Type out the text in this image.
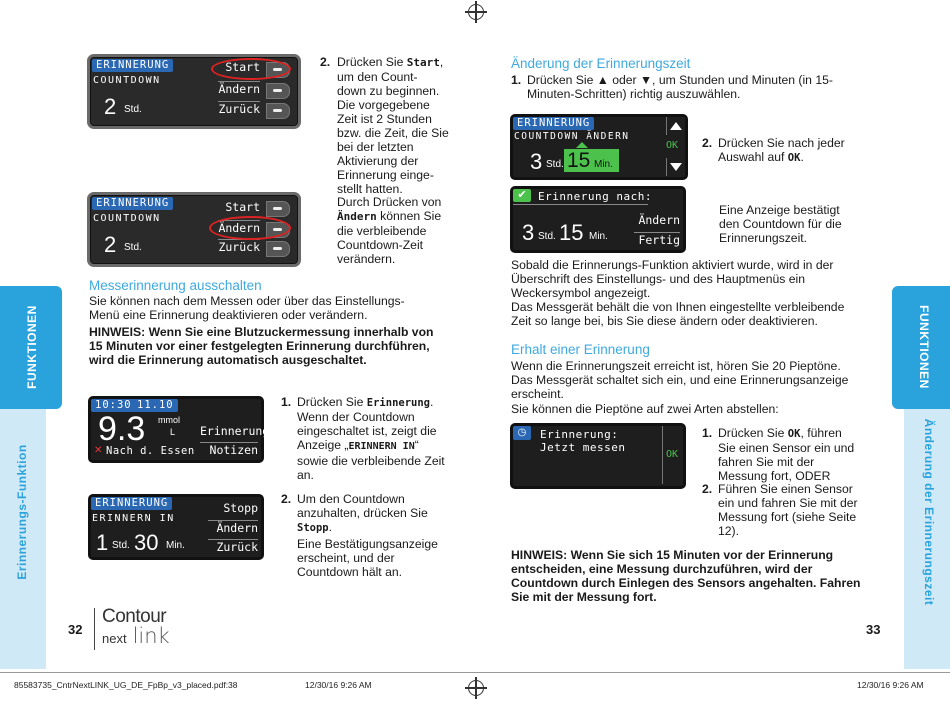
FUNKTIONEN
Erinnerungs-Funktion
FUNKTIONEN
Änderung der Erinnerungszeit
ERINNERUNG
COUNTDOWN
2 Std.
Start
Ändern
Zurück
2. Drücken Sie Start, um den Count- down zu beginnen. Die vorgegebene Zeit ist 2 Stunden bzw. die Zeit, die Sie bei der letzten Aktivierung der Erinnerung einge- stellt hatten.
ERINNERUNG
COUNTDOWN
2 Std.
Start
Ändern
Zurück
Durch Drücken von Ändern können Sie die verbleibende Countdown-Zeit verändern.
Messerinnerung ausschalten
Sie können nach dem Messen oder über das Einstellungs- Menü eine Erinnerung deaktivieren oder verändern.
HINWEIS: Wenn Sie eine Blutzuckermessung innerhalb von 15 Minuten vor einer festgelegten Erinnerung durchführen, wird die Erinnerung automatisch ausgeschaltet.
10:30 11.10
9.3 mmol
L
✕ Nach d. Essen
Erinnerung
Notizen
1. Drücken Sie Erinnerung. Wenn der Countdown eingeschaltet ist, zeigt die Anzeige „ERINNERN IN“ sowie die verbleibende Zeit an.
ERINNERUNG
ERINNERN IN
1 Std. 30 Min.
Stopp
Ändern
Zurück
2. Um den Countdown anzuhalten, drücken Sie Stopp.
Eine Bestätigungsanzeige erscheint, und der Countdown hält an.
32
Contour
next link
Änderung der Erinnerungszeit
1. Drücken Sie ▲ oder ▼, um Stunden und Minuten (in 15-Minuten-Schritten) richtig auszuwählen.
ERINNERUNG
COUNTDOWN ÄNDERN
3 Std. 15 Min.
OK 2. Drücken Sie nach jeder Auswahl auf OK.
✔	Erinnerung nach:
3 Std. 15 Min.
Ändern
Fertig
Eine Anzeige bestätigt den Countdown für die Erinnerungszeit.
Sobald die Erinnerungs-Funktion aktiviert wurde, wird in der Überschrift des Einstellungs- und des Hauptmenüs ein Weckersymbol angezeigt.
Das Messgerät behält die von Ihnen eingestellte verbleibende Zeit so lange bei, bis Sie diese ändern oder deaktivieren.
Erhalt einer Erinnerung
Wenn die Erinnerungszeit erreicht ist, hören Sie 20 Pieptöne. Das Messgerät schaltet sich ein, und eine Erinnerungsanzeige erscheint.
Sie können die Pieptöne auf zwei Arten abstellen:
◷	Erinnerung:
Jetzt messen
OK
1. Drücken Sie OK, führen Sie einen Sensor ein und fahren Sie mit der Messung fort, ODER
2. Führen Sie einen Sensor ein und fahren Sie mit der Messung fort (siehe Seite 12).
HINWEIS: Wenn Sie sich 15 Minuten vor der Erinnerung entscheiden, eine Messung durchzuführen, wird der Countdown durch Einlegen des Sensors angehalten. Fahren Sie mit der Messung fort.
33
85583735_CntrNextLINK_UG_DE_FpBp_v3_placed.pdf:38	12/30/16 9:26 AM	12/30/16 9:26 AM
